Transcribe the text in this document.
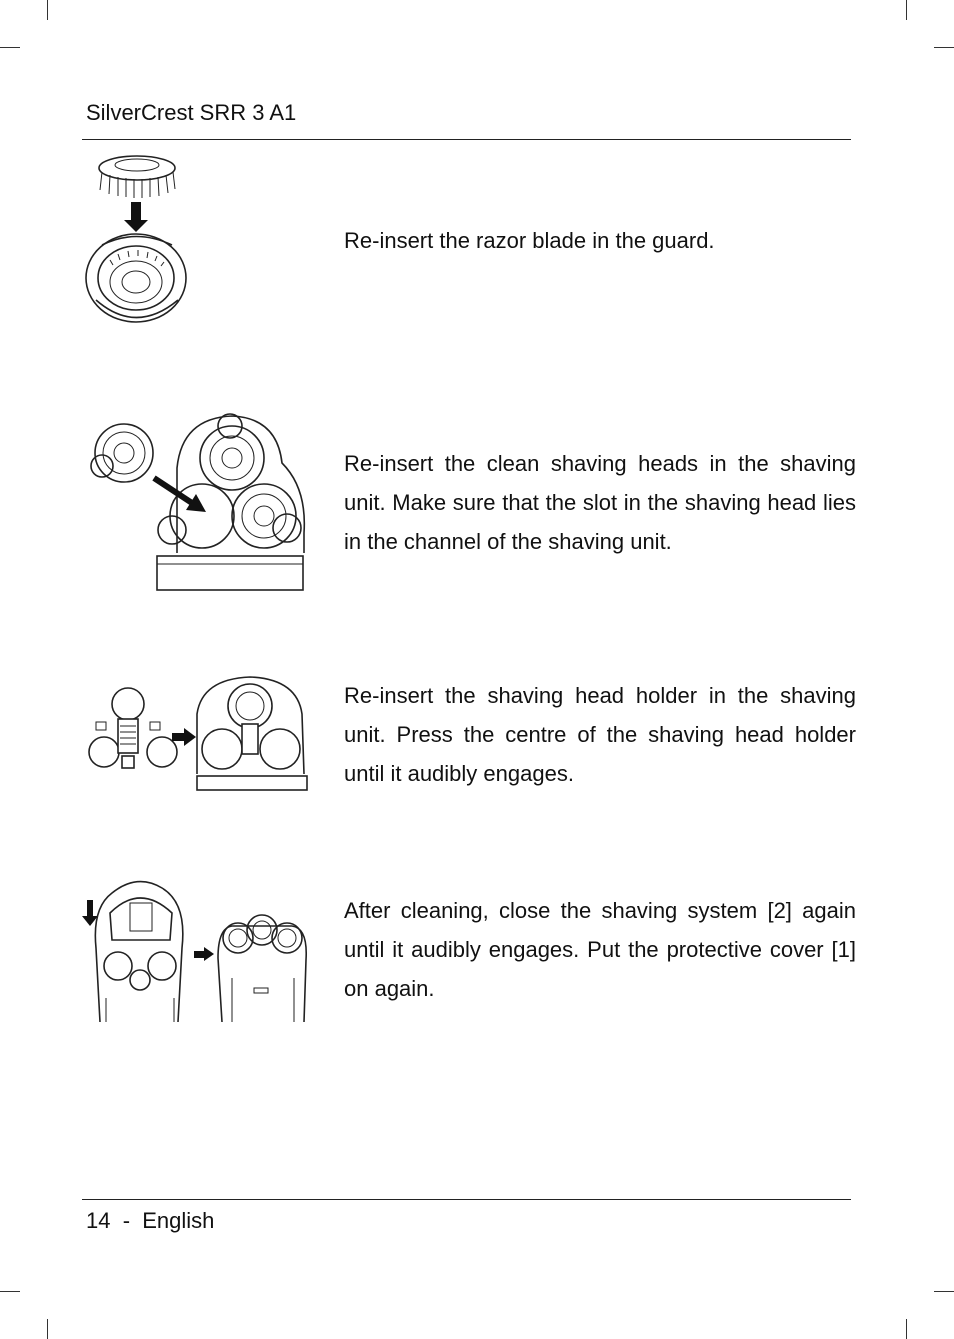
SilverCrest SRR 3 A1
Re-insert the razor blade in the guard.
Re-insert the clean shaving heads in the shaving unit. Make sure that the slot in the shaving head lies in the channel of the shaving unit.
Re-insert the shaving head holder in the shaving unit. Press the centre of the shaving head holder until it audibly engages.
After cleaning, close the shaving system [2] again until it audibly engages. Put the protective cover [1] on again.
14  -  English
